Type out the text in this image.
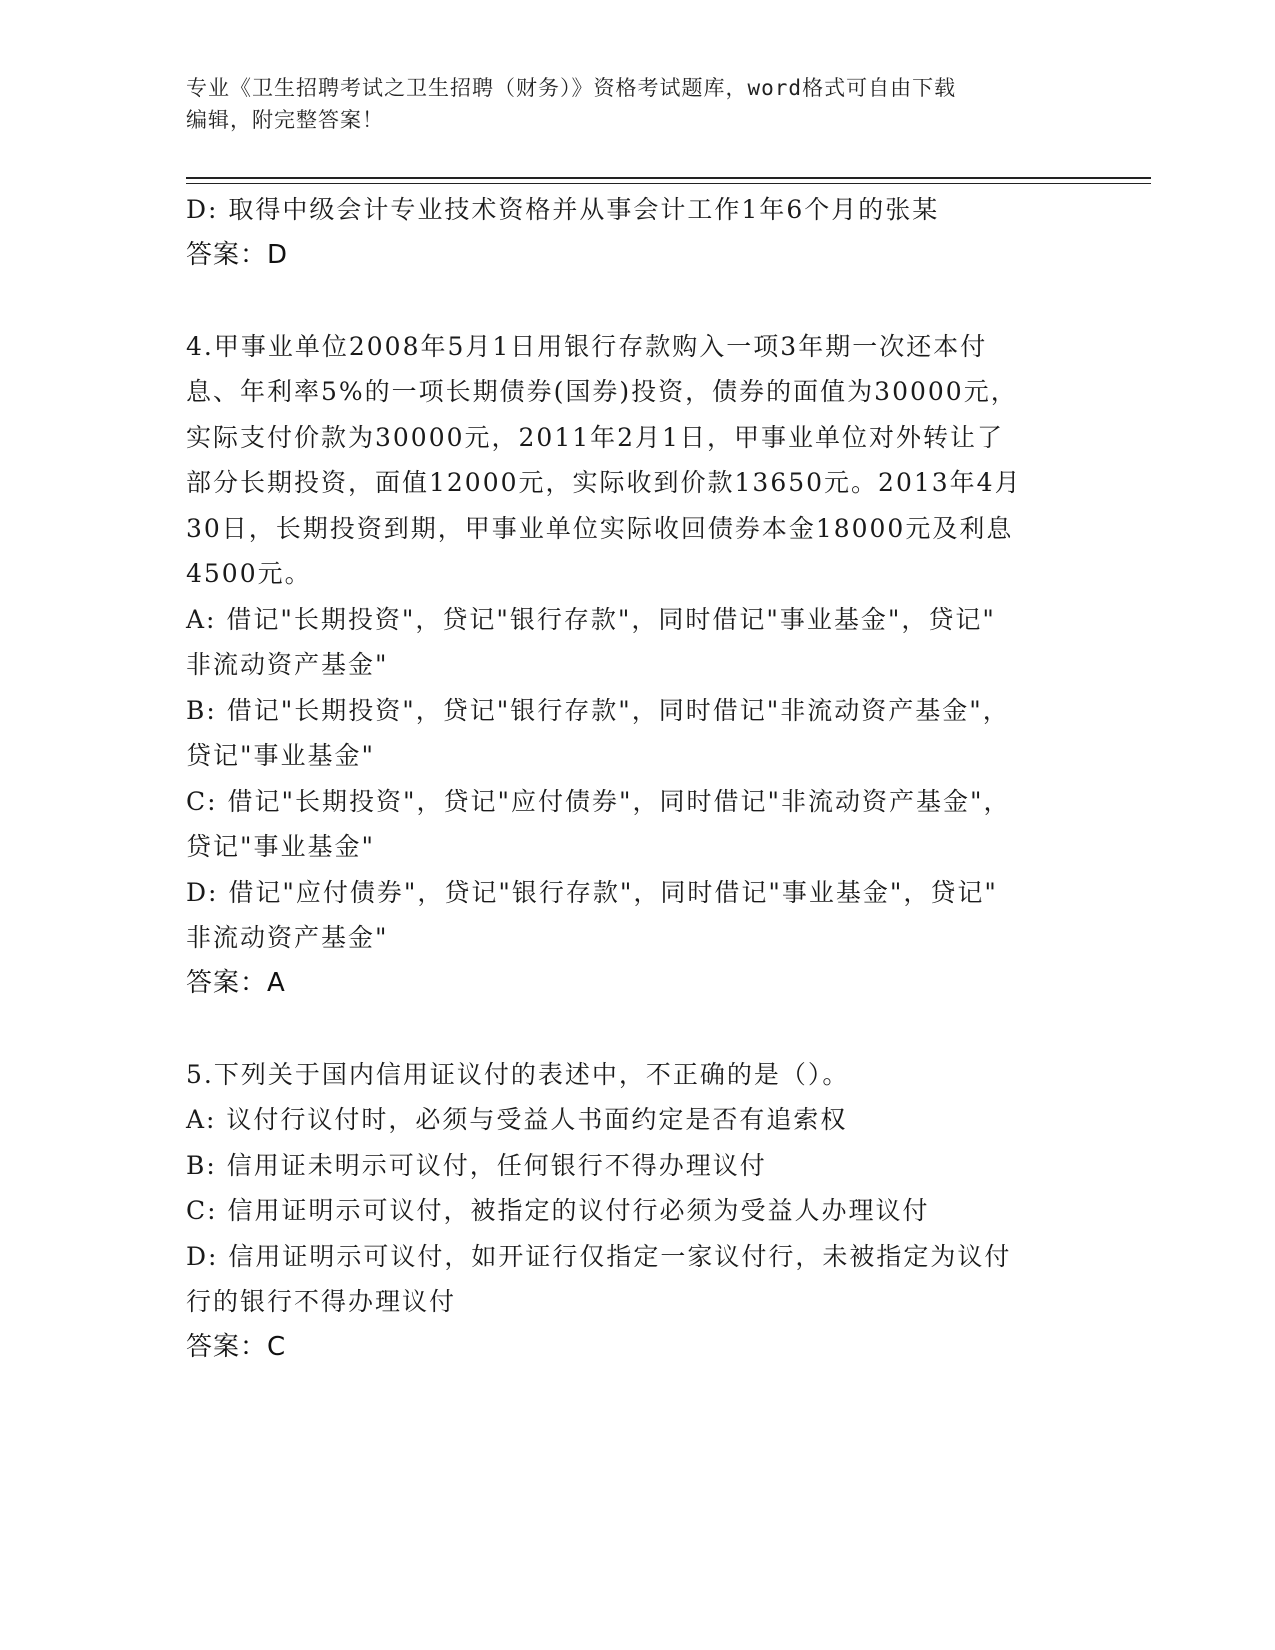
专业《卫生招聘考试之卫生招聘（财务）》资格考试题库，word格式可自由下载
编辑，附完整答案！

D: 取得中级会计专业技术资格并从事会计工作1年6个月的张某

答案：D

4.甲事业单位2008年5月1日用银行存款购入一项3年期一次还本付

息、年利率5%的一项长期债券(国券)投资，债券的面值为30000元，

实际支付价款为30000元，2011年2月1日，甲事业单位对外转让了

部分长期投资，面值12000元，实际收到价款13650元。2013年4月

30日，长期投资到期，甲事业单位实际收回债券本金18000元及利息

4500元。

A: 借记"长期投资"，贷记"银行存款"，同时借记"事业基金"，贷记"

非流动资产基金"

B: 借记"长期投资"，贷记"银行存款"，同时借记"非流动资产基金"，

贷记"事业基金"

C: 借记"长期投资"，贷记"应付债券"，同时借记"非流动资产基金"，

贷记"事业基金"

D: 借记"应付债券"，贷记"银行存款"，同时借记"事业基金"，贷记"

非流动资产基金"

答案：A

5.下列关于国内信用证议付的表述中，不正确的是（）。

A: 议付行议付时，必须与受益人书面约定是否有追索权

B: 信用证未明示可议付，任何银行不得办理议付

C: 信用证明示可议付，被指定的议付行必须为受益人办理议付

D: 信用证明示可议付，如开证行仅指定一家议付行，未被指定为议付

行的银行不得办理议付

答案：C
